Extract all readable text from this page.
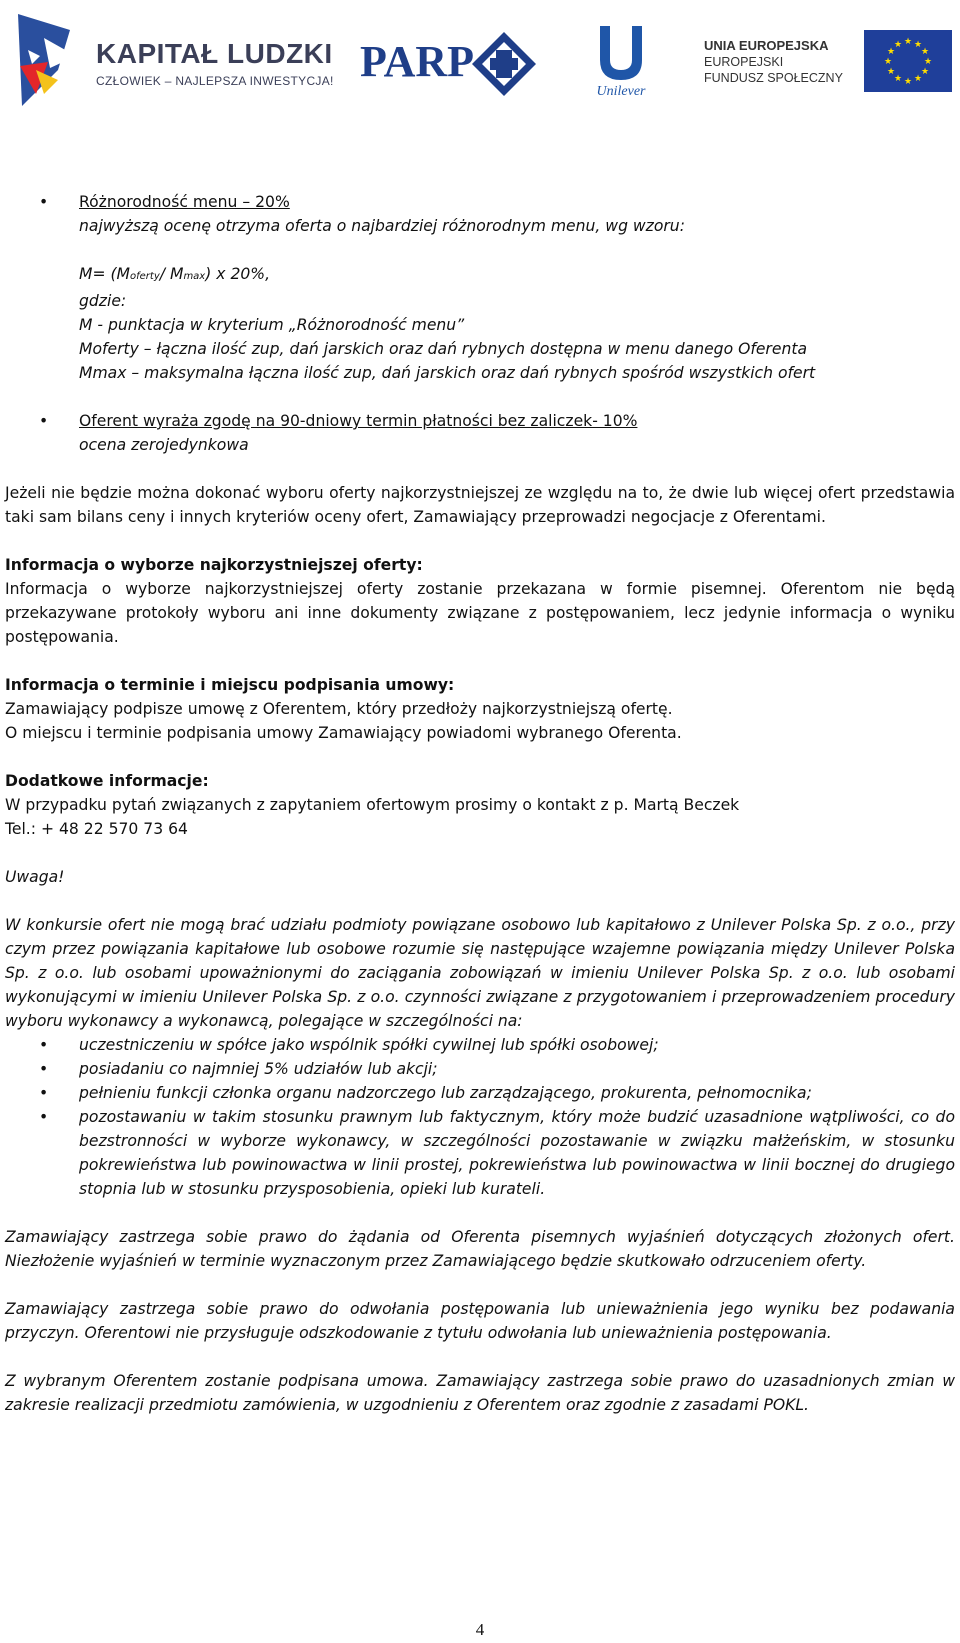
KAPITAŁ LUDZKI
CZŁOWIEK – NAJLEPSZA INWESTYCJA! PARP
Unilever
UNIA EUROPEJSKA
EUROPEJSKI
FUNDUSZ SPOŁECZNY
★ ★
★
★
★
★
★
★
★
★
★
★
• Różnorodność menu – 20%
najwyższą ocenę otrzyma oferta o najbardziej różnorodnym menu, wg wzoru:
M= (Moferty/ Mmax) x 20%,
gdzie:
M - punktacja w kryterium „Różnorodność menu”
Moferty – łączna ilość zup, dań jarskich oraz dań rybnych dostępna w menu danego Oferenta
Mmax – maksymalna łączna ilość zup, dań jarskich oraz dań rybnych spośród wszystkich ofert
• Oferent wyraża zgodę na 90-dniowy termin płatności bez zaliczek- 10%
ocena zerojedynkowa

Jeżeli nie będzie można dokonać wyboru oferty najkorzystniejszej ze względu na to, że dwie lub więcej ofert przedstawia taki sam bilans ceny i innych kryteriów oceny ofert, Zamawiający przeprowadzi negocjacje z Oferentami.

Informacja o wyborze najkorzystniejszej oferty:

Informacja o wyborze najkorzystniejszej oferty zostanie przekazana w formie pisemnej. Oferentom nie będą przekazywane protokoły wyboru ani inne dokumenty związane z postępowaniem, lecz jedynie informacja o wyniku postępowania.

Informacja o terminie i miejscu podpisania umowy:
Zamawiający podpisze umowę z Oferentem, który przedłoży najkorzystniejszą ofertę.
O miejscu i terminie podpisania umowy Zamawiający powiadomi wybranego Oferenta.
Dodatkowe informacje:
W przypadku pytań związanych z zapytaniem ofertowym prosimy o kontakt z p. Martą Beczek
Tel.: + 48 22 570 73 64
Uwaga!

W konkursie ofert nie mogą brać udziału podmioty powiązane osobowo lub kapitałowo z Unilever Polska Sp. z o.o., przy czym przez powiązania kapitałowe lub osobowe rozumie się następujące wzajemne powiązania między Unilever Polska Sp. z o.o. lub osobami upoważnionymi do zaciągania zobowiązań w imieniu Unilever Polska Sp. z o.o. lub osobami wykonującymi w imieniu Unilever Polska Sp. z o.o. czynności związane z przygotowaniem i przeprowadzeniem procedury wyboru wykonawcy a wykonawcą, polegające w szczególności na:

• uczestniczeniu w spółce jako wspólnik spółki cywilnej lub spółki osobowej;
• posiadaniu co najmniej 5% udziałów lub akcji;
• pełnieniu funkcji członka organu nadzorczego lub zarządzającego, prokurenta, pełnomocnika;
• pozostawaniu w takim stosunku prawnym lub faktycznym, który może budzić uzasadnione wątpliwości, co do bezstronności w wyborze wykonawcy, w szczególności pozostawanie w związku małżeńskim, w stosunku pokrewieństwa lub powinowactwa w linii prostej, pokrewieństwa lub powinowactwa w linii bocznej do drugiego stopnia lub w stosunku przysposobienia, opieki lub kurateli.

Zamawiający zastrzega sobie prawo do żądania od Oferenta pisemnych wyjaśnień dotyczących złożonych ofert. Niezłożenie wyjaśnień w terminie wyznaczonym przez Zamawiającego będzie skutkowało odrzuceniem oferty.

Zamawiający zastrzega sobie prawo do odwołania postępowania lub unieważnienia jego wyniku bez podawania przyczyn. Oferentowi nie przysługuje odszkodowanie z tytułu odwołania lub unieważnienia postępowania.

Z wybranym Oferentem zostanie podpisana umowa. Zamawiający zastrzega sobie prawo do uzasadnionych zmian w zakresie realizacji przedmiotu zamówienia, w uzgodnieniu z Oferentem oraz zgodnie z zasadami POKL.

4
